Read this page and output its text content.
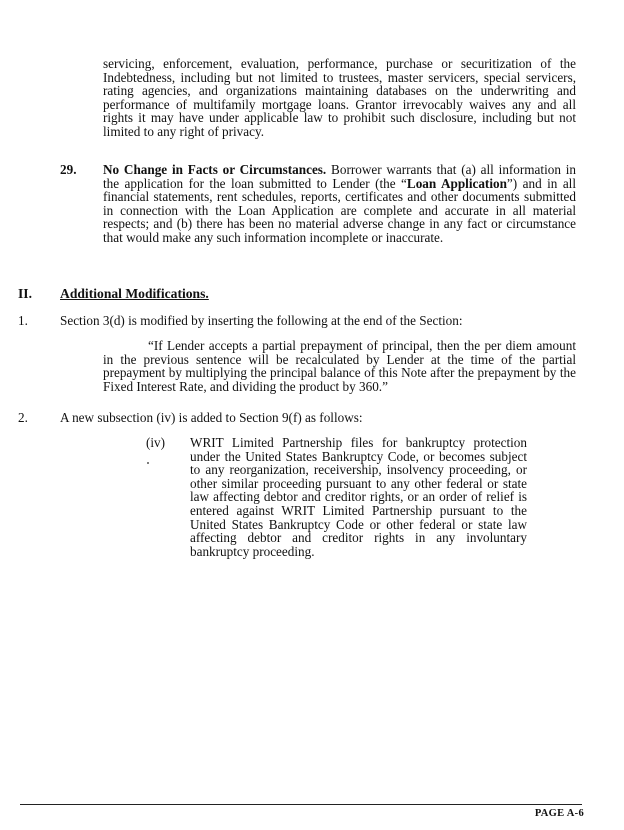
servicing, enforcement, evaluation, performance, purchase or securitization of the Indebtedness, including but not limited to trustees, master servicers, special servicers, rating agencies, and organizations maintaining databases on the underwriting and performance of multifamily mortgage loans. Grantor irrevocably waives any and all rights it may have under applicable law to prohibit such disclosure, including but not limited to any right of privacy.
29.	No Change in Facts or Circumstances. Borrower warrants that (a) all information in the application for the loan submitted to Lender (the “Loan Application”) and in all financial statements, rent schedules, reports, certificates and other documents submitted in connection with the Loan Application are complete and accurate in all material respects; and (b) there has been no material adverse change in any fact or circumstance that would make any such information incomplete or inaccurate.
II.	Additional Modifications.
1.	Section 3(d) is modified by inserting the following at the end of the Section:
“If Lender accepts a partial prepayment of principal, then the per diem amount in the previous sentence will be recalculated by Lender at the time of the partial prepayment by multiplying the principal balance of this Note after the prepayment by the Fixed Interest Rate, and dividing the product by 360.”
2.	A new subsection (iv) is added to Section 9(f) as follows:
(iv)	WRIT Limited Partnership files for bankruptcy protection under the United States Bankruptcy Code, or becomes subject to any reorganization, receivership, insolvency proceeding, or other similar proceeding pursuant to any other federal or state law affecting debtor and creditor rights, or an order of relief is entered against WRIT Limited Partnership pursuant to the United States Bankruptcy Code or other federal or state law affecting debtor and creditor rights in any involuntary bankruptcy proceeding.
PAGE A-6
